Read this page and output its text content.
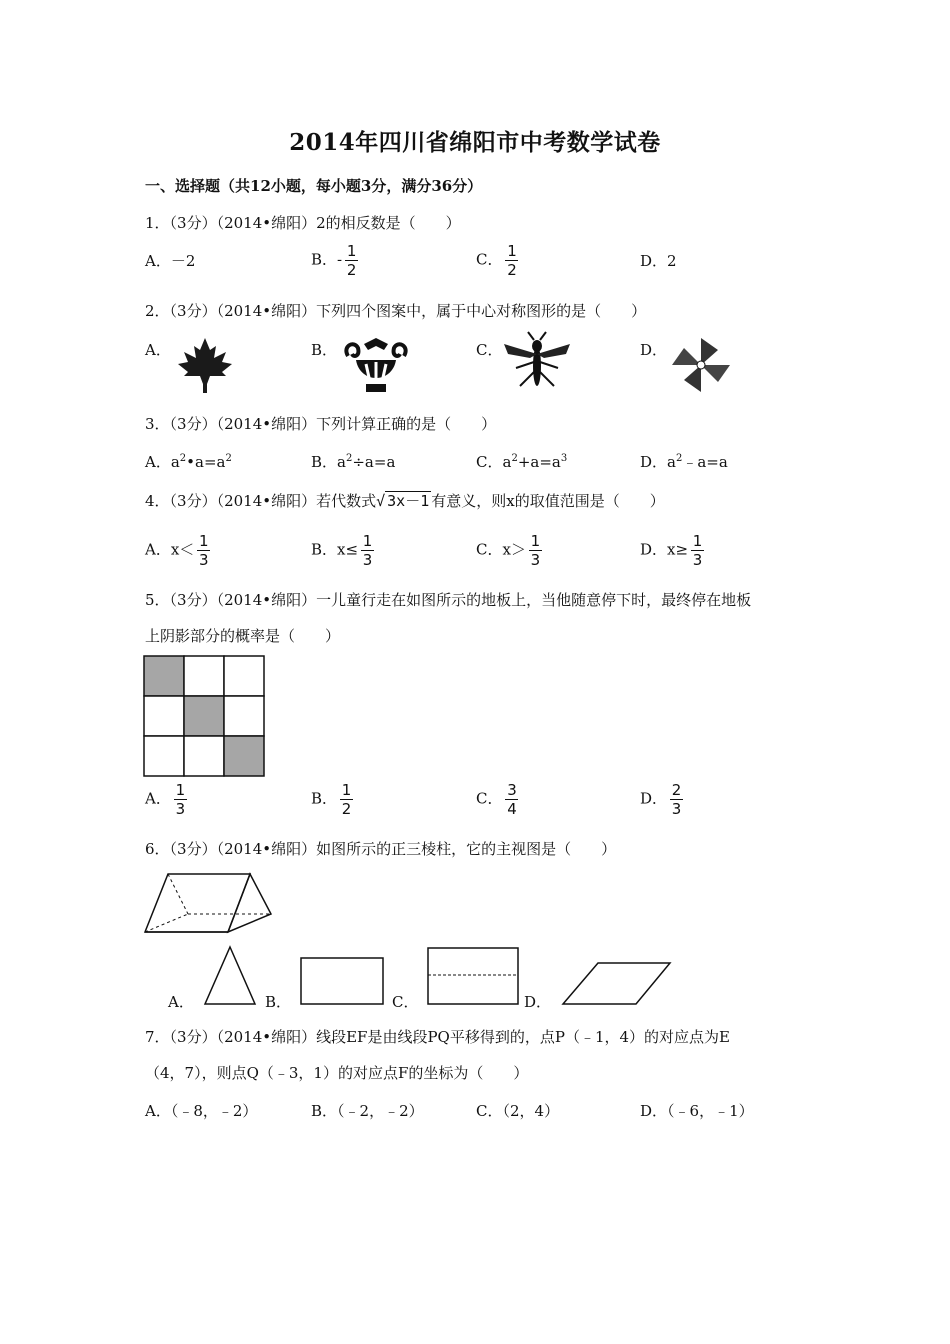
2014年四川省绵阳市中考数学试卷
一、选择题（共12小题，每小题3分，满分36分）
1．（3分）（2014•绵阳）2的相反数是（　　）
A．－2	B．- $\frac{1}{2}$	C． $\frac{1}{2}$	D．2
2．（3分）（2014•绵阳）下列四个图案中，属于中心对称图形的是（　　）
A．	B．	C．	D．
3．（3分）（2014•绵阳）下列计算正确的是（　　）
A．$a^2•a=a^2$	B．$a^2\div a=a$	C．$a^2+a=a^3$	D．$a^2﹣a=a$
4．（3分）（2014•绵阳）若代数式√ 3x－1 有意义，则x的取值范围是（　　）
A．$x< \frac{1}{3}$	B．$x\le \frac{1}{3}$	C．$x> \frac{1}{3}$	D．$x\ge \frac{1}{3}$
5．（3分）（2014•绵阳）一儿童行走在如图所示的地板上，当他随意停下时，最终停在地板
上阴影部分的概率是（　　）
A． $\frac{1}{3}$	B． $\frac{1}{2}$	C． $\frac{3}{4}$	D． $\frac{2}{3}$
6．（3分）（2014•绵阳）如图所示的正三棱柱，它的主视图是（　　）
A．	B．	C．	D．
7．（3分）（2014•绵阳）线段EF是由线段PQ平移得到的，点P（﹣1，4）的对应点为E
（4，7），则点Q（﹣3，1）的对应点F的坐标为（　　）
A．（﹣8，﹣2）	B．（﹣2，﹣2）	C．（2，4）	D．（﹣6，﹣1）
